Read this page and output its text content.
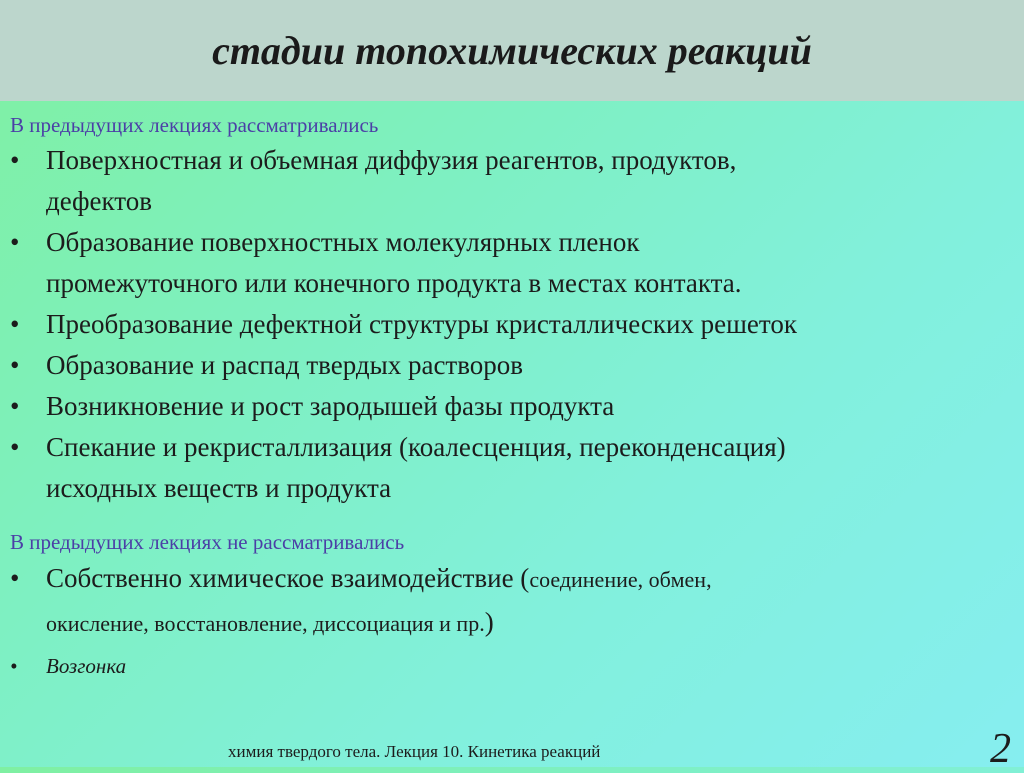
стадии топохимических реакций
В предыдущих лекциях рассматривались
• Поверхностная и объемная диффузия реагентов, продуктов,
дефектов
• Образование поверхностных молекулярных пленок
промежуточного или конечного продукта в местах контакта.
• Преобразование дефектной структуры кристаллических решеток
• Образование и распад твердых растворов
• Возникновение и рост зародышей фазы продукта
• Спекание и рекристаллизация (коалесценция, переконденсация)
исходных веществ и продукта
В предыдущих лекциях не рассматривались
• Собственно химическое взаимодействие (соединение, обмен,
окисление, восстановление, диссоциация и пр.)
• Возгонка
химия твердого тела. Лекция 10. Кинетика реакций	2
